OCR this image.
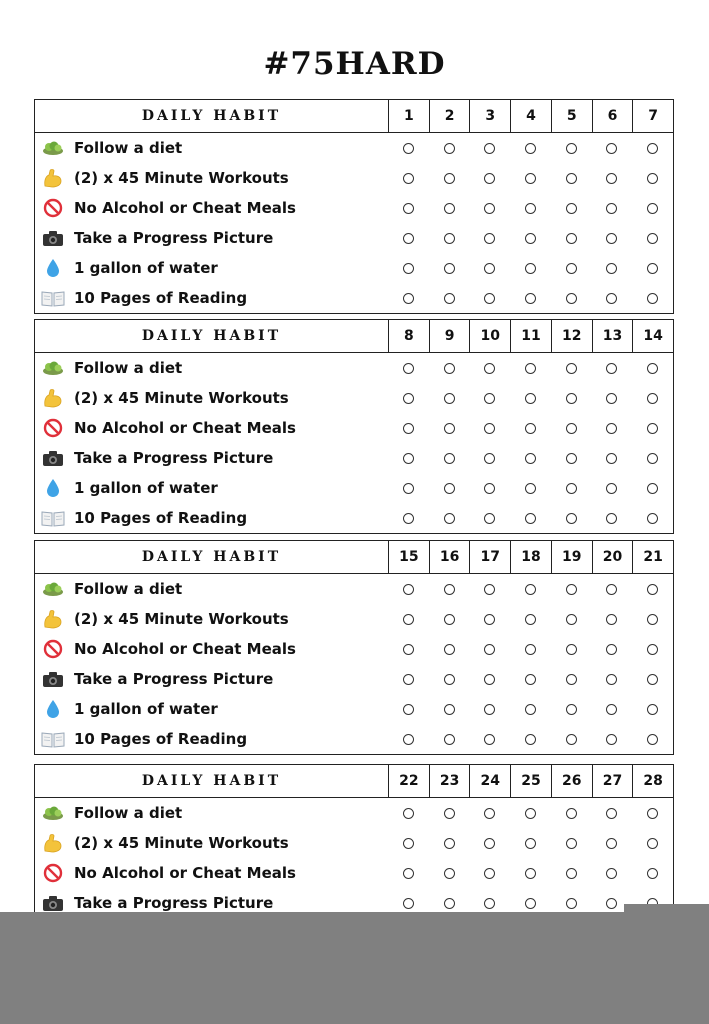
#75HARD
DAILY HABIT	1	2	3	4	5	6	7
Follow a diet
(2) x 45 Minute Workouts
No Alcohol or Cheat Meals
Take a Progress Picture
1 gallon of water
10 Pages of Reading
DAILY HABIT	8	9	10	11	12	13	14
Follow a diet
(2) x 45 Minute Workouts
No Alcohol or Cheat Meals
Take a Progress Picture
1 gallon of water
10 Pages of Reading
DAILY HABIT	15	16	17	18	19	20	21
Follow a diet
(2) x 45 Minute Workouts
No Alcohol or Cheat Meals
Take a Progress Picture
1 gallon of water
10 Pages of Reading
DAILY HABIT	22	23	24	25	26	27	28
Follow a diet
(2) x 45 Minute Workouts
No Alcohol or Cheat Meals
Take a Progress Picture
